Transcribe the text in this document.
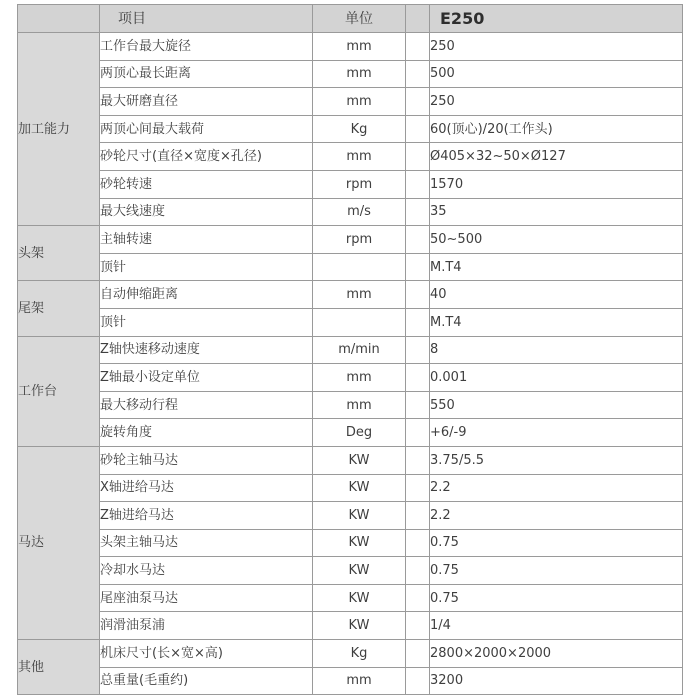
	项目	单位		E250
加工能力	工作台最大旋径	mm		250
	两顶心最长距离	mm		500
	最大研磨直径	mm		250
	两顶心间最大载荷	Kg		60(顶心)/20(工作头)
	砂轮尺寸(直径×宽度×孔径)	mm		Ø405×32~50×Ø127
	砂轮转速	rpm		1570
	最大线速度	m/s		35
头架	主轴转速	rpm		50~500
	顶针			M.T4
尾架	自动伸缩距离	mm		40
	顶针			M.T4
工作台	Z轴快速移动速度	m/min		8
	Z轴最小设定单位	mm		0.001
	最大移动行程	mm		550
	旋转角度	Deg		+6/-9
马达	砂轮主轴马达	KW		3.75/5.5
	X轴进给马达	KW		2.2
	Z轴进给马达	KW		2.2
	头架主轴马达	KW		0.75
	冷却水马达	KW		0.75
	尾座油泵马达	KW		0.75
	润滑油泵浦	KW		1/4
其他	机床尺寸(长×宽×高)	Kg		2800×2000×2000
	总重量(毛重约)	mm		3200
